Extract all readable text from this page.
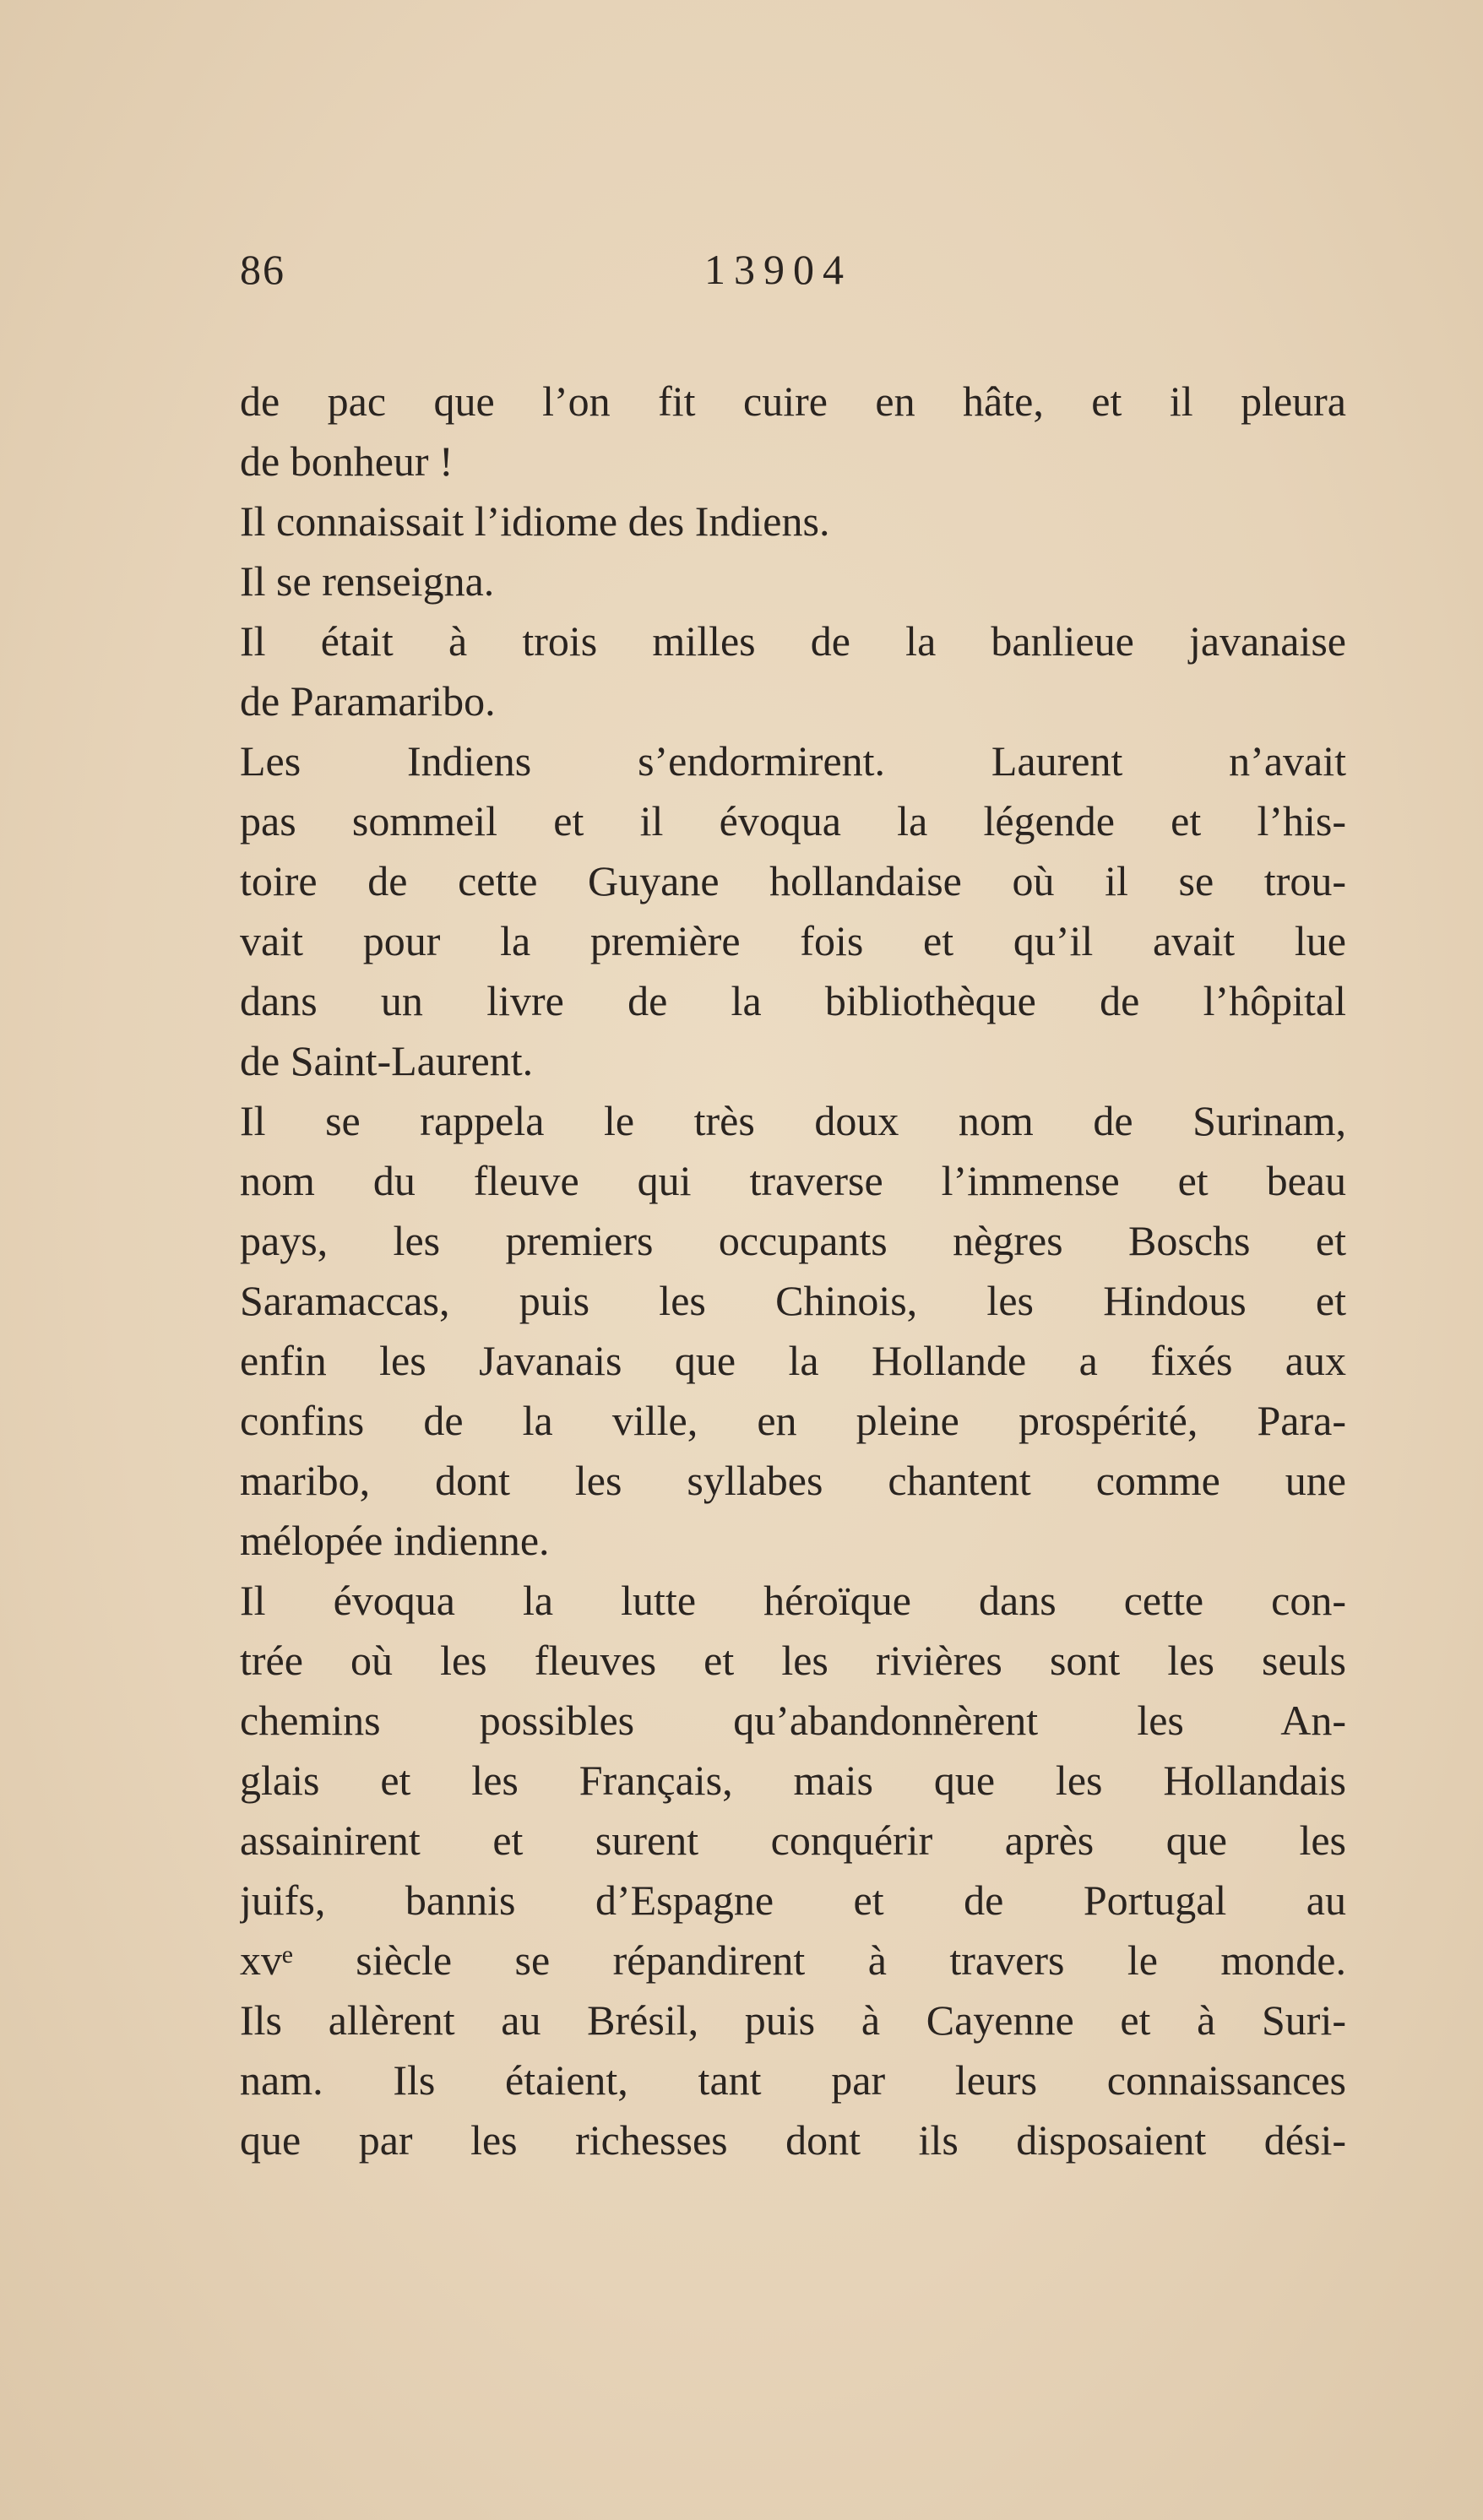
86	13904
de pac que l’on fit cuire en hâte, et il pleura
de bonheur !
Il connaissait l’idiome des Indiens.
Il se renseigna.
Il était à trois milles de la banlieue javanaise
de Paramaribo.
Les Indiens s’endormirent. Laurent n’avait
pas sommeil et il évoqua la légende et l’his-
toire de cette Guyane hollandaise où il se trou-
vait pour la première fois et qu’il avait lue
dans un livre de la bibliothèque de l’hôpital
de Saint-Laurent.
Il se rappela le très doux nom de Surinam,
nom du fleuve qui traverse l’immense et beau
pays, les premiers occupants nègres Boschs et
Saramaccas, puis les Chinois, les Hindous et
enfin les Javanais que la Hollande a fixés aux
confins de la ville, en pleine prospérité, Para-
maribo, dont les syllabes chantent comme une
mélopée indienne.
Il évoqua la lutte héroïque dans cette con-
trée où les fleuves et les rivières sont les seuls
chemins possibles qu’abandonnèrent les An-
glais et les Français, mais que les Hollandais
assainirent et surent conquérir après que les
juifs, bannis d’Espagne et de Portugal au
xvᵉ siècle se répandirent à travers le monde.
Ils allèrent au Brésil, puis à Cayenne et à Suri-
nam. Ils étaient, tant par leurs connaissances
que par les richesses dont ils disposaient dési-
